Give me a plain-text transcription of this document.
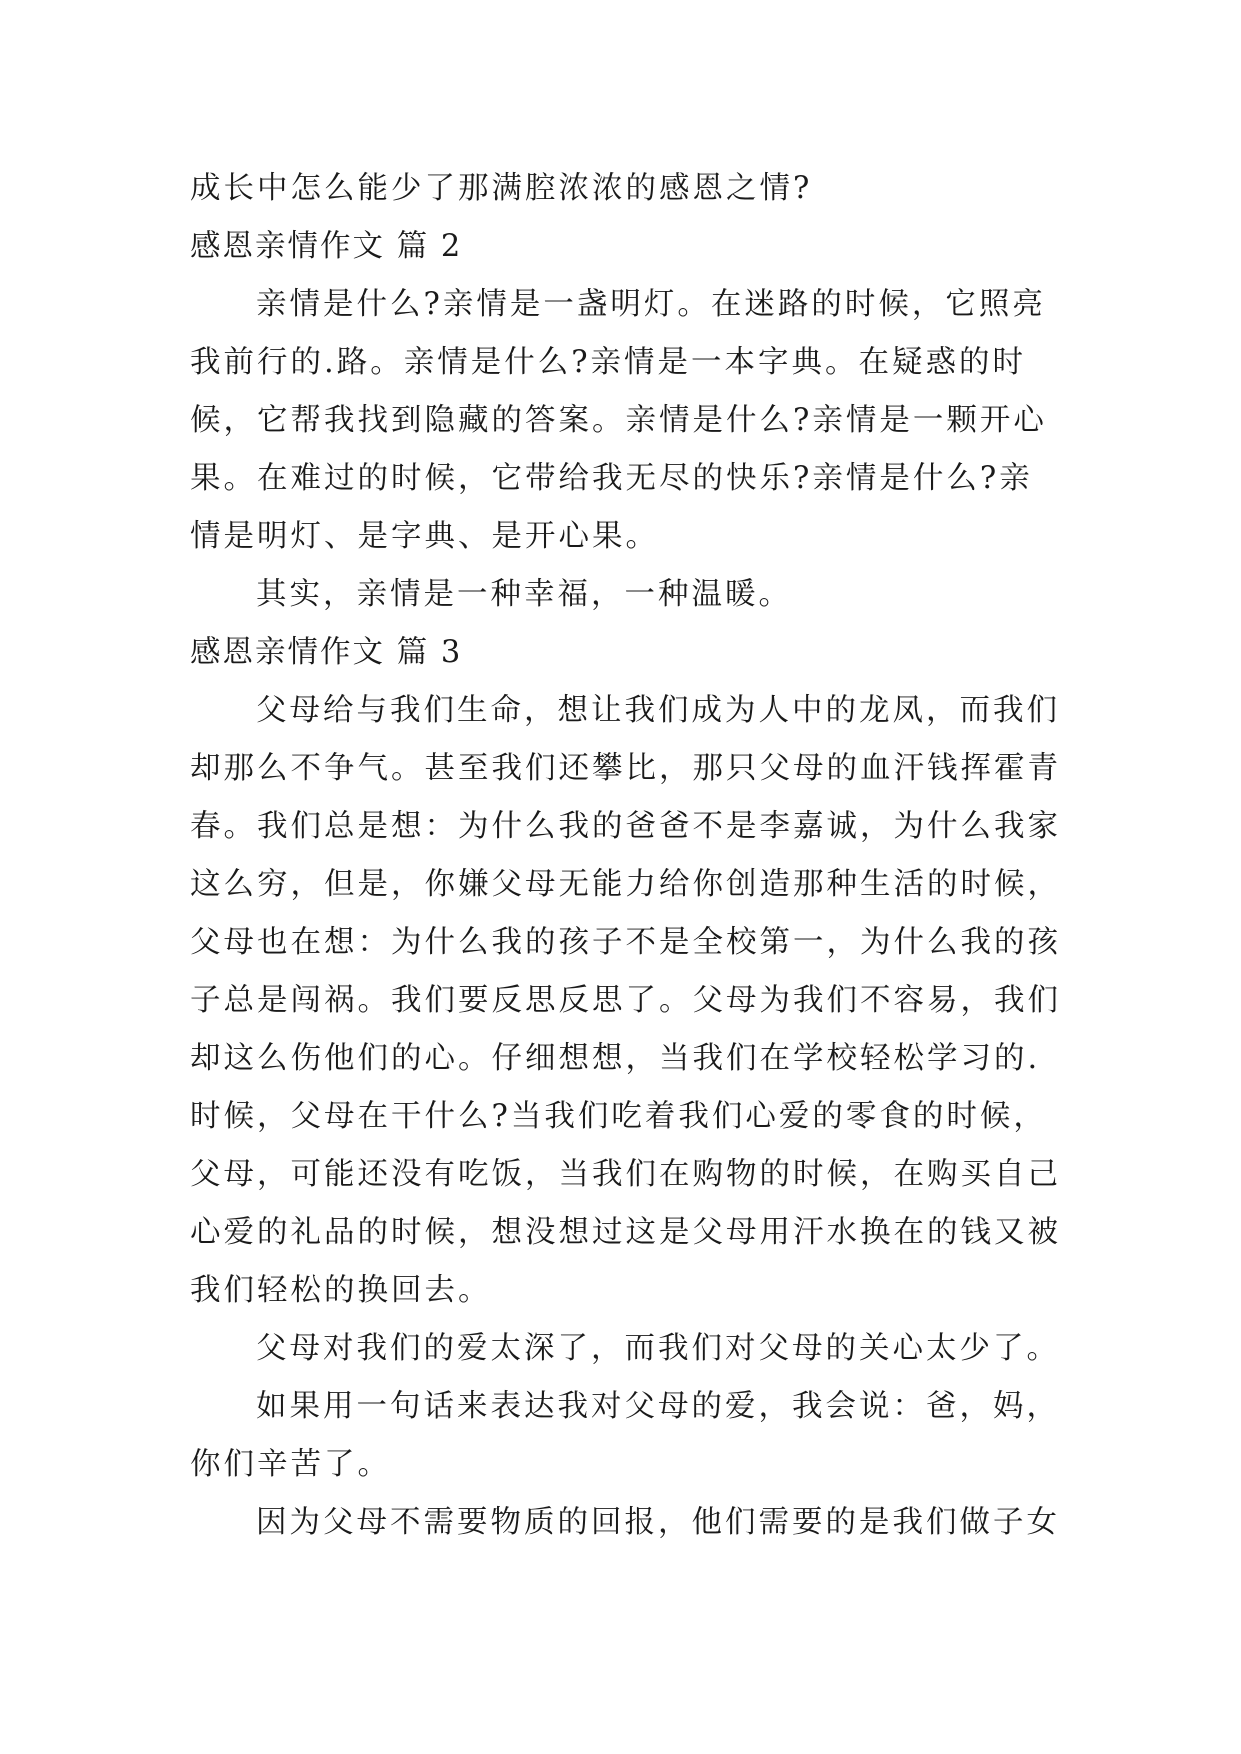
成长中怎么能少了那满腔浓浓的感恩之情?
感恩亲情作文 篇 2
亲情是什么?亲情是一盏明灯。在迷路的时候，它照亮
我前行的.路。亲情是什么?亲情是一本字典。在疑惑的时
候，它帮我找到隐藏的答案。亲情是什么?亲情是一颗开心
果。在难过的时候，它带给我无尽的快乐?亲情是什么?亲
情是明灯、是字典、是开心果。
其实，亲情是一种幸福，一种温暖。
感恩亲情作文 篇 3
父母给与我们生命，想让我们成为人中的龙凤，而我们
却那么不争气。甚至我们还攀比，那只父母的血汗钱挥霍青
春。我们总是想：为什么我的爸爸不是李嘉诚，为什么我家
这么穷，但是，你嫌父母无能力给你创造那种生活的时候，
父母也在想：为什么我的孩子不是全校第一，为什么我的孩
子总是闯祸。我们要反思反思了。父母为我们不容易，我们
却这么伤他们的心。仔细想想，当我们在学校轻松学习的.
时候，父母在干什么?当我们吃着我们心爱的零食的时候，
父母，可能还没有吃饭，当我们在购物的时候，在购买自己
心爱的礼品的时候，想没想过这是父母用汗水换在的钱又被
我们轻松的换回去。
父母对我们的爱太深了，而我们对父母的关心太少了。
如果用一句话来表达我对父母的爱，我会说：爸，妈，
你们辛苦了。
因为父母不需要物质的回报，他们需要的是我们做子女
